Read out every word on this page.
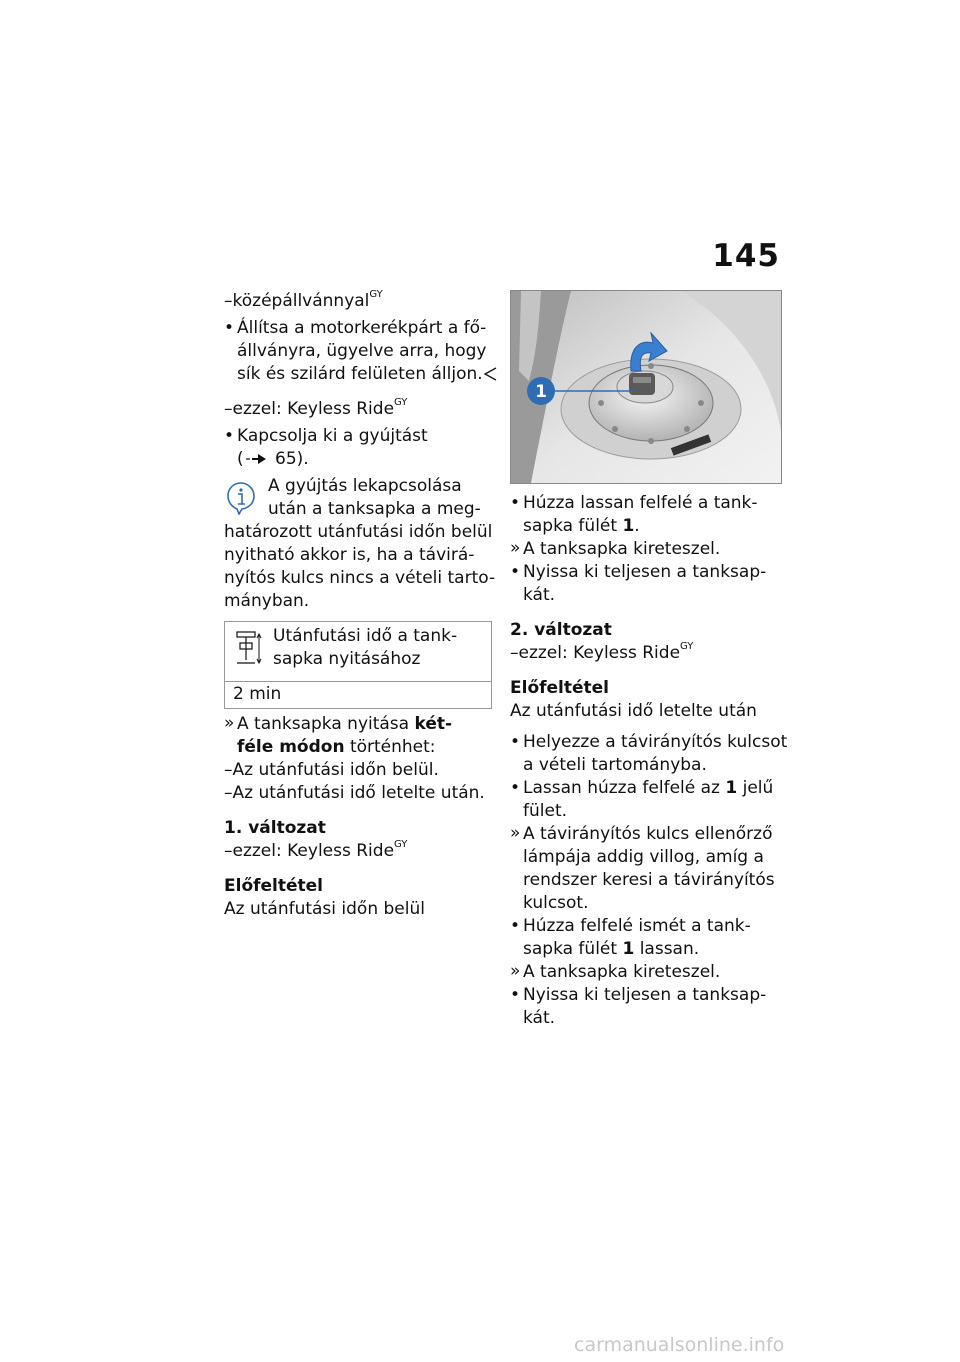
145
– középállvánnyal$^{GY}$
• Állítsa a motorkerékpárt a fő-
állványra, ügyelve arra, hogy
sík és szilárd felületen álljon.
– ezzel: Keyless Ride$^{GY}$
• Kapcsolja ki a gyújtást
( 65).
A gyújtás lekapcsolása
után a tanksapka a meg-
határozott utánfutási időn belül
nyitható akkor is, ha a távirá-
nyítós kulcs nincs a vételi tarto-
mányban.
Utánfutási idő a tank-
sapka nyitásához
2 min
» A tanksapka nyitása két-
féle módon történhet:
– Az utánfutási időn belül.
– Az utánfutási idő letelte után.
1. változat
– ezzel: Keyless Ride$^{GY}$
Előfeltétel
Az utánfutási időn belül
1
• Húzza lassan felfelé a tank-
sapka fülét 1.
» A tanksapka kireteszel.
• Nyissa ki teljesen a tanksap-
kát.
2. változat
– ezzel: Keyless Ride$^{GY}$
Előfeltétel
Az utánfutási idő letelte után
• Helyezze a távirányítós kulcsot
a vételi tartományba.
• Lassan húzza felfelé az 1 jelű
fület.
» A távirányítós kulcs ellenőrző
lámpája addig villog, amíg a
rendszer keresi a távirányítós
kulcsot.
• Húzza felfelé ismét a tank-
sapka fülét 1 lassan.
» A tanksapka kireteszel.
• Nyissa ki teljesen a tanksap-
kát.
carmanualsonline.info
